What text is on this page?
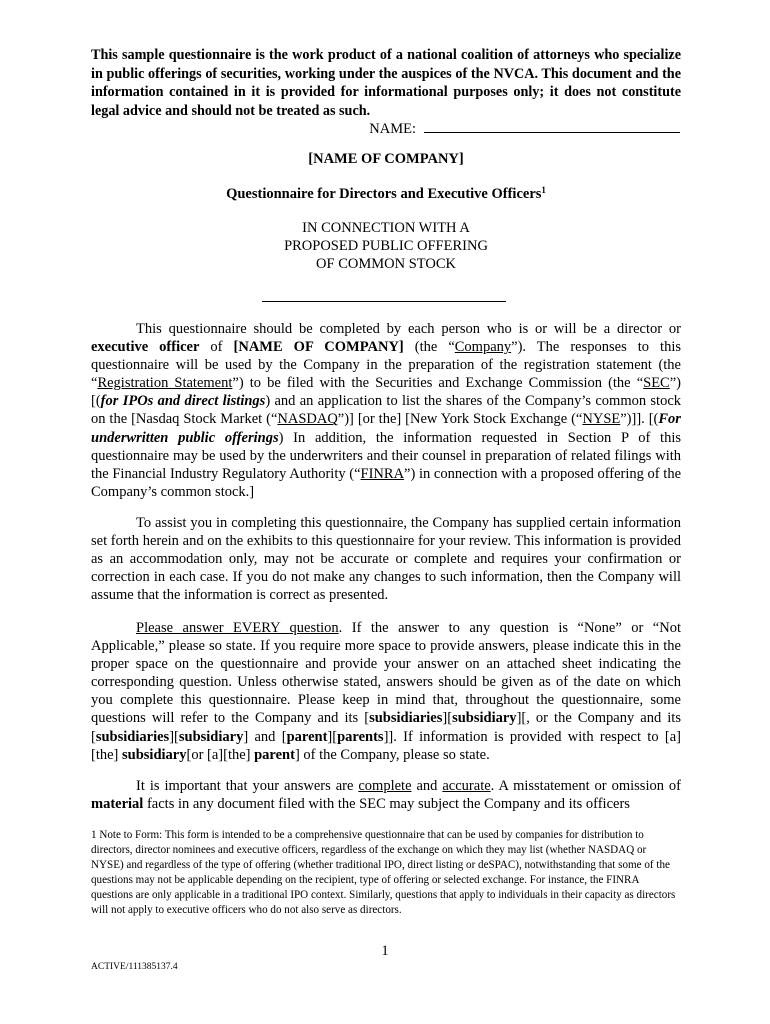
This sample questionnaire is the work product of a national coalition of attorneys who specialize in public offerings of securities, working under the auspices of the NVCA. This document and the information contained in it is provided for informational purposes only; it does not constitute legal advice and should not be treated as such.
NAME:
[NAME OF COMPANY]
Questionnaire for Directors and Executive Officers$^1$
IN CONNECTION WITH A
PROPOSED PUBLIC OFFERING
OF COMMON STOCK

This questionnaire should be completed by each person who is or will be a director or executive officer of [NAME OF COMPANY] (the “Company”). The responses to this questionnaire will be used by the Company in the preparation of the registration statement (the “Registration Statement”) to be filed with the Securities and Exchange Commission (the “SEC”) [(for IPOs and direct listings) and an application to list the shares of the Company’s common stock on the [Nasdaq Stock Market (“NASDAQ”)] [or the] [New York Stock Exchange (“NYSE”)]]. [(For underwritten public offerings) In addition, the information requested in Section P of this questionnaire may be used by the underwriters and their counsel in preparation of related filings with the Financial Industry Regulatory Authority (“FINRA”) in connection with a proposed offering of the Company’s common stock.]

To assist you in completing this questionnaire, the Company has supplied certain information set forth herein and on the exhibits to this questionnaire for your review. This information is provided as an accommodation only, may not be accurate or complete and requires your confirmation or correction in each case. If you do not make any changes to such information, then the Company will assume that the information is correct as presented.

Please answer EVERY question. If the answer to any question is “None” or “Not Applicable,” please so state. If you require more space to provide answers, please indicate this in the proper space on the questionnaire and provide your answer on an attached sheet indicating the corresponding question. Unless otherwise stated, answers should be given as of the date on which you complete this questionnaire. Please keep in mind that, throughout the questionnaire, some questions will refer to the Company and its [subsidiaries][subsidiary][, or the Company and its [subsidiaries][subsidiary] and [parent][parents]]. If information is provided with respect to [a][the] subsidiary[or [a][the] parent] of the Company, please so state.

It is important that your answers are complete and accurate. A misstatement or omission of material facts in any document filed with the SEC may subject the Company and its officers

1 Note to Form: This form is intended to be a comprehensive questionnaire that can be used by companies for distribution to directors, director nominees and executive officers, regardless of the exchange on which they may list (whether NASDAQ or NYSE) and regardless of the type of offering (whether traditional IPO, direct listing or deSPAC), notwithstanding that some of the questions may not be applicable depending on the recipient, type of offering or selected exchange. For instance, the FINRA questions are only applicable in a traditional IPO context. Similarly, questions that apply to individuals in their capacity as directors will not apply to executive officers who do not also serve as directors.

1
ACTIVE/111385137.4
